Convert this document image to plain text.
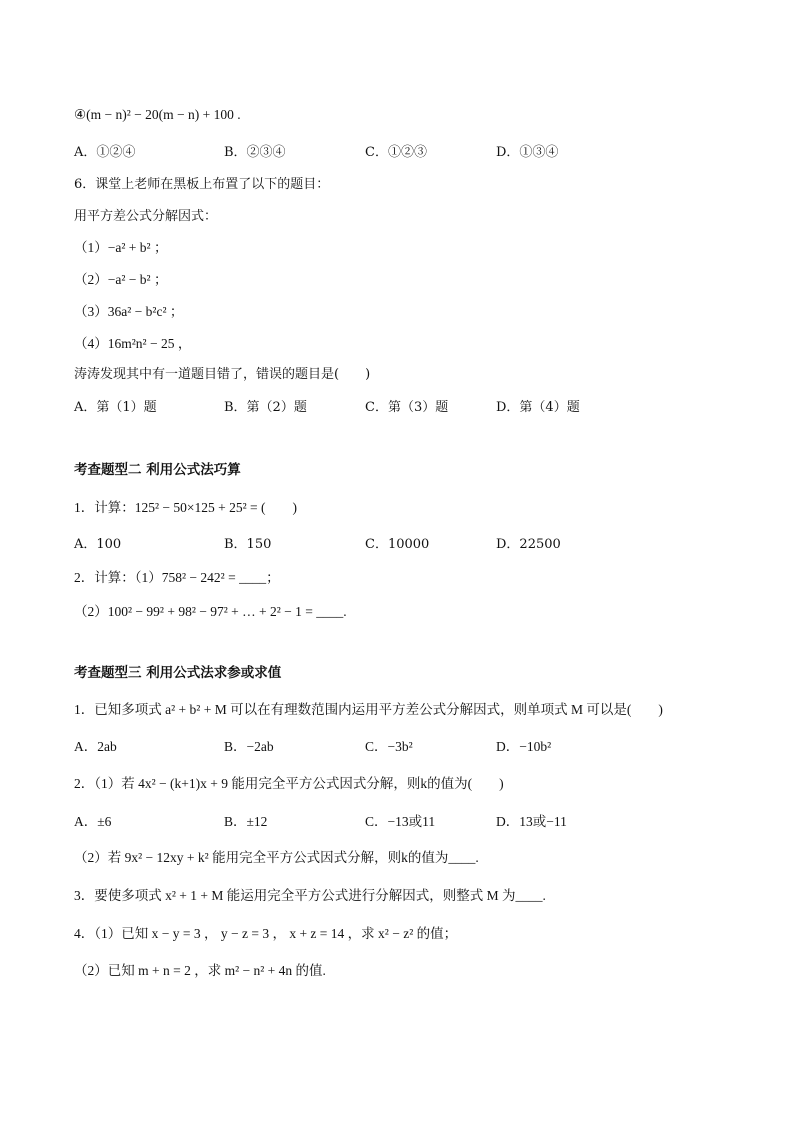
④(m − n)² − 20(m − n) + 100 .
A．①②④	B．②③④	C．①②③	D．①③④
6．课堂上老师在黑板上布置了以下的题目：
用平方差公式分解因式：
（1）−a² + b² ；
（2）−a² − b² ；
（3）36a² − b²c² ；
（4）16m²n² − 25 ，
涛涛发现其中有一道题目错了，错误的题目是(　　)
A．第（1）题	B．第（2）题	C．第（3）题	D．第（4）题
考查题型二 利用公式法巧算
1．计算：125² − 50×125 + 25² = (　　)
A．100	B．150	C．10000	D．22500
2．计算：（1）758² − 242² = ____；
（2）100² − 99² + 98² − 97² + … + 2² − 1 = ____.
考查题型三 利用公式法求参或求值
1．已知多项式 a² + b² + M 可以在有理数范围内运用平方差公式分解因式，则单项式 M 可以是(　　)
A．2ab	B．−2ab	C．−3b²	D．−10b²
2．（1）若 4x² − (k+1)x + 9 能用完全平方公式因式分解，则k的值为(　　)
A．±6	B．±12	C．−13或11	D．13或−11
（2）若 9x² − 12xy + k² 能用完全平方公式因式分解，则k的值为____.
3．要使多项式 x² + 1 + M 能运用完全平方公式进行分解因式，则整式 M 为____.
4．（1）已知 x − y = 3 ， y − z = 3 ， x + z = 14 ，求 x² − z² 的值；
（2）已知 m + n = 2 ，求 m² − n² + 4n 的值.
